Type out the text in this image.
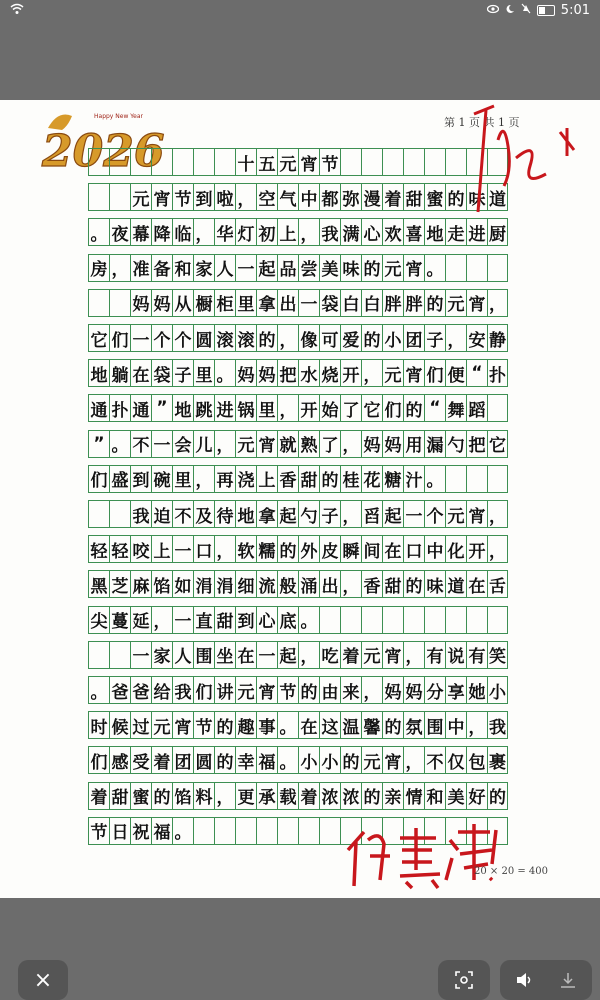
5:01
2026
Happy New Year	第 1 页 共 1 页
十 五 元 宵 节
元 宵 节 到 啦 ， 空 气 中 都 弥 漫 着 甜 蜜 的 味 道
。 夜 幕 降 临 ， 华 灯 初 上 ， 我 满 心 欢 喜 地 走 进 厨
房 ， 准 备 和 家 人 一 起 品 尝 美 味 的 元 宵 。
妈 妈 从 橱 柜 里 拿 出 一 袋 白 白 胖 胖 的 元 宵 ，
它 们 一 个 个 圆 滚 滚 的 ， 像 可 爱 的 小 团 子 ， 安 静
地 躺 在 袋 子 里 。 妈 妈 把 水 烧 开 ， 元 宵 们 便 “ 扑
通 扑 通 ” 地 跳 进 锅 里 ， 开 始 了 它 们 的 “ 舞 蹈
” 。 不 一 会 儿 ， 元 宵 就 熟 了 ， 妈 妈 用 漏 勺 把 它
们 盛 到 碗 里 ， 再 浇 上 香 甜 的 桂 花 糖 汁 。
我 迫 不 及 待 地 拿 起 勺 子 ， 舀 起 一 个 元 宵 ，
轻 轻 咬 上 一 口 ， 软 糯 的 外 皮 瞬 间 在 口 中 化 开 ，
黑 芝 麻 馅 如 涓 涓 细 流 般 涌 出 ， 香 甜 的 味 道 在 舌
尖 蔓 延 ， 一 直 甜 到 心 底 。
一 家 人 围 坐 在 一 起 ， 吃 着 元 宵 ， 有 说 有 笑
。 爸 爸 给 我 们 讲 元 宵 节 的 由 来 ， 妈 妈 分 享 她 小
时 候 过 元 宵 节 的 趣 事 。 在 这 温 馨 的 氛 围 中 ， 我
们 感 受 着 团 圆 的 幸 福 。 小 小 的 元 宵 ， 不 仅 包 裹
着 甜 蜜 的 馅 料 ， 更 承 载 着 浓 浓 的 亲 情 和 美 好 的
节 日 祝 福 。
20 × 20 = 400
×
